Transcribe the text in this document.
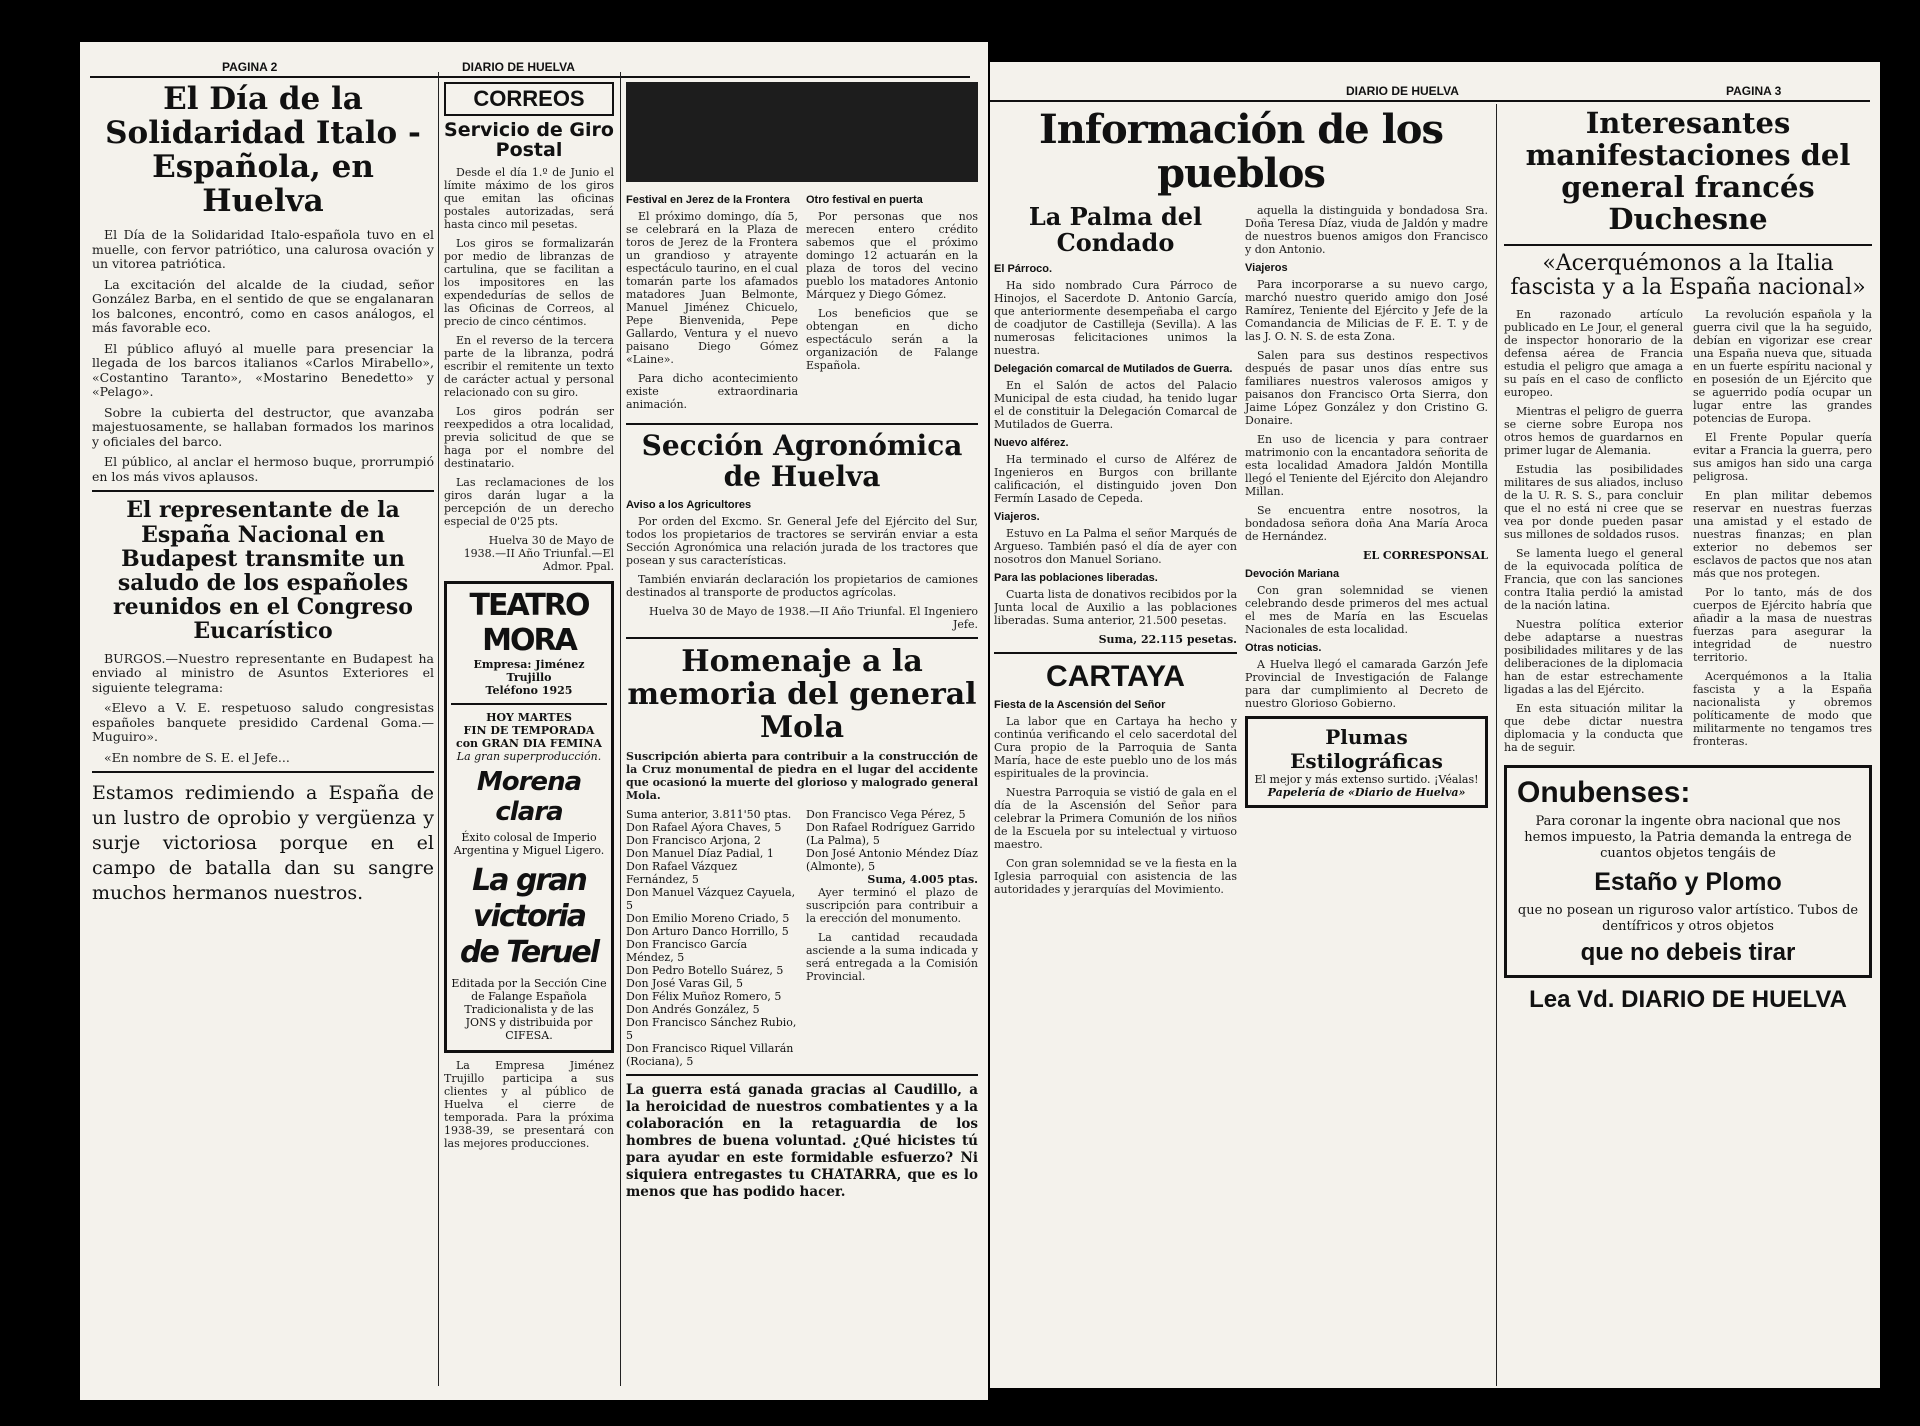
PAGINA 2	DIARIO DE HUELVA
El Día de la Solidaridad Italo - Española, en Huelva

El Día de la Solidaridad Italo-española tuvo en el muelle, con fervor patriótico, una calurosa ovación y un vitorea patriótica.

La excitación del alcalde de la ciudad, señor González Barba, en el sentido de que se engalanaran los balcones, encontró, como en casos análogos, el más favorable eco.

El público afluyó al muelle para presenciar la llegada de los barcos italianos «Carlos Mirabello», «Costantino Taranto», «Mostarino Benedetto» y «Pelago».

Sobre la cubierta del destructor, que avanzaba majestuosamente, se hallaban formados los marinos y oficiales del barco.

El público, al anclar el hermoso buque, prorrumpió en los más vivos aplausos.

El representante de la España Nacional en Budapest transmite un saludo de los españoles reunidos en el Congreso Eucarístico

BURGOS.—Nuestro representante en Budapest ha enviado al ministro de Asuntos Exteriores el siguiente telegrama:

«Elevo a V. E. respetuoso saludo congresistas españoles banquete presidido Cardenal Goma.—Muguiro».

«En nombre de S. E. el Jefe...

Estamos redimiendo a España de un lustro de oprobio y vergüenza y surje victoriosa porque en el campo de batalla dan su sangre muchos hermanos nuestros.

CORREOS
Servicio de Giro Postal

Desde el día 1.º de Junio el límite máximo de los giros que emitan las oficinas postales autorizadas, será hasta cinco mil pesetas.

Los giros se formalizarán por medio de libranzas de cartulina, que se facilitan a los impositores en las expendedurías de sellos de las Oficinas de Correos, al precio de cinco céntimos.

En el reverso de la tercera parte de la libranza, podrá escribir el remitente un texto de carácter actual y personal relacionado con su giro.

Los giros podrán ser reexpedidos a otra localidad, previa solicitud de que se haga por el nombre del destinatario.

Las reclamaciones de los giros darán lugar a la percepción de un derecho especial de 0'25 pts.

Huelva 30 de Mayo de 1938.—II Año Triunfal.—El Admor. Ppal.

TEATRO MORA
Empresa: Jiménez Trujillo
Teléfono 1925
HOY MARTES
FIN DE TEMPORADA con GRAN DIA FEMINA
La gran superproducción.
Morena clara
Éxito colosal de Imperio Argentina y Miguel Ligero.
La gran victoria de Teruel
Editada por la Sección Cine de Falange Española Tradicionalista y de las JONS y distribuida por CIFESA.

La Empresa Jiménez Trujillo participa a sus clientes y al público de Huelva el cierre de temporada. Para la próxima 1938-39, se presentará con las mejores producciones.

Festival en Jerez de la Frontera

El próximo domingo, día 5, se celebrará en la Plaza de toros de Jerez de la Frontera un grandioso y atrayente espectáculo taurino, en el cual tomarán parte los afamados matadores Juan Belmonte, Manuel Jiménez Chicuelo, Pepe Bienvenida, Pepe Gallardo, Ventura y el nuevo paisano Diego Gómez «Laine».

Para dicho acontecimiento existe extraordinaria animación.

Otro festival en puerta

Por personas que nos merecen entero crédito sabemos que el próximo domingo 12 actuarán en la plaza de toros del vecino pueblo los matadores Antonio Márquez y Diego Gómez.

Los beneficios que se obtengan en dicho espectáculo serán a la organización de Falange Española.

Sección Agronómica de Huelva
Aviso a los Agricultores

Por orden del Excmo. Sr. General Jefe del Ejército del Sur, todos los propietarios de tractores se servirán enviar a esta Sección Agronómica una relación jurada de los tractores que posean y sus características.

También enviarán declaración los propietarios de camiones destinados al transporte de productos agrícolas.

Huelva 30 de Mayo de 1938.—II Año Triunfal. El Ingeniero Jefe.

Homenaje a la memoria del general Mola

Suscripción abierta para contribuir a la construcción de la Cruz monumental de piedra en el lugar del accidente que ocasionó la muerte del glorioso y malogrado general Mola.

Suma anterior, 3.811'50 ptas.
Don Rafael Aýora Chaves, 5
Don Francisco Arjona, 2
Don Manuel Díaz Padial, 1
Don Rafael Vázquez Fernández, 5
Don Manuel Vázquez Cayuela, 5
Don Emilio Moreno Criado, 5
Don Arturo Danco Horrillo, 5
Don Francisco García Méndez, 5
Don Pedro Botello Suárez, 5
Don José Varas Gil, 5
Don Félix Muñoz Romero, 5
Don Andrés González, 5
Don Francisco Sánchez Rubio, 5
Don Francisco Riquel Villarán (Rociana), 5
Don Francisco Vega Pérez, 5
Don Rafael Rodríguez Garrido (La Palma), 5
Don José Antonio Méndez Díaz (Almonte), 5
Suma, 4.005 ptas.

Ayer terminó el plazo de suscripción para contribuir a la erección del monumento.

La cantidad recaudada asciende a la suma indicada y será entregada a la Comisión Provincial.

La guerra está ganada gracias al Caudillo, a la heroicidad de nuestros combatientes y a la colaboración en la retaguardia de los hombres de buena voluntad. ¿Qué hicistes tú para ayudar en este formidable esfuerzo? Ni siquiera entregastes tu CHATARRA, que es lo menos que has podido hacer.

DIARIO DE HUELVA	PAGINA 3
Información de los pueblos
La Palma del Condado
El Párroco.

Ha sido nombrado Cura Párroco de Hinojos, el Sacerdote D. Antonio García, que anteriormente desempeñaba el cargo de coadjutor de Castilleja (Sevilla). A las numerosas felicitaciones unimos la nuestra.

Delegación comarcal de Mutilados de Guerra.

En el Salón de actos del Palacio Municipal de esta ciudad, ha tenido lugar el de constituir la Delegación Comarcal de Mutilados de Guerra.

Nuevo alférez.

Ha terminado el curso de Alférez de Ingenieros en Burgos con brillante calificación, el distinguido joven Don Fermín Lasado de Cepeda.

Viajeros.

Estuvo en La Palma el señor Marqués de Argueso. También pasó el día de ayer con nosotros don Manuel Soriano.

Para las poblaciones liberadas.

Cuarta lista de donativos recibidos por la Junta local de Auxilio a las poblaciones liberadas. Suma anterior, 21.500 pesetas.

Suma, 22.115 pesetas.
CARTAYA
Fiesta de la Ascensión del Señor

La labor que en Cartaya ha hecho y continúa verificando el celo sacerdotal del Cura propio de la Parroquia de Santa María, hace de este pueblo uno de los más espirituales de la provincia.

Nuestra Parroquia se vistió de gala en el día de la Ascensión del Señor para celebrar la Primera Comunión de los niños de la Escuela por su intelectual y virtuoso maestro.

Con gran solemnidad se ve la fiesta en la Iglesia parroquial con asistencia de las autoridades y jerarquías del Movimiento.

aquella la distinguida y bondadosa Sra. Doña Teresa Díaz, viuda de Jaldón y madre de nuestros buenos amigos don Francisco y don Antonio.

Viajeros

Para incorporarse a su nuevo cargo, marchó nuestro querido amigo don José Ramírez, Teniente del Ejército y Jefe de la Comandancia de Milicias de F. E. T. y de las J. O. N. S. de esta Zona.

Salen para sus destinos respectivos después de pasar unos días entre sus familiares nuestros valerosos amigos y paisanos don Francisco Orta Sierra, don Jaime López González y don Cristino G. Donaire.

En uso de licencia y para contraer matrimonio con la encantadora señorita de esta localidad Amadora Jaldón Montilla llegó el Teniente del Ejército don Alejandro Millan.

Se encuentra entre nosotros, la bondadosa señora doña Ana María Aroca de Hernández.

EL CORRESPONSAL
Devoción Mariana

Con gran solemnidad se vienen celebrando desde primeros del mes actual el mes de María en las Escuelas Nacionales de esta localidad.

Otras noticias.

A Huelva llegó el camarada Garzón Jefe Provincial de Investigación de Falange para dar cumplimiento al Decreto de nuestro Glorioso Gobierno.

Plumas Estilográficas
El mejor y más extenso surtido. ¡Véalas!
Papelería de «Diario de Huelva»
Interesantes manifestaciones del general francés Duchesne
«Acerquémonos a la Italia fascista y a la España nacional»

En razonado artículo publicado en Le Jour, el general de inspector honorario de la defensa aérea de Francia estudia el peligro que amaga a su país en el caso de conflicto europeo.

Mientras el peligro de guerra se cierne sobre Europa nos otros hemos de guardarnos en primer lugar de Alemania.

Estudia las posibilidades militares de sus aliados, incluso de la U. R. S. S., para concluir que el no está ni cree que se vea por donde pueden pasar sus millones de soldados rusos.

Se lamenta luego el general de la equivocada política de Francia, que con las sanciones contra Italia perdió la amistad de la nación latina.

Nuestra política exterior debe adaptarse a nuestras posibilidades militares y de las deliberaciones de la diplomacia han de estar estrechamente ligadas a las del Ejército.

En esta situación militar la que debe dictar nuestra diplomacia y la conducta que ha de seguir.

La revolución española y la guerra civil que la ha seguido, debían en vigorizar ese crear una España nueva que, situada en un fuerte espíritu nacional y en posesión de un Ejército que se aguerrido podía ocupar un lugar entre las grandes potencias de Europa.

El Frente Popular quería evitar a Francia la guerra, pero sus amigos han sido una carga peligrosa.

En plan militar debemos reservar en nuestras fuerzas una amistad y el estado de nuestras finanzas; en plan exterior no debemos ser esclavos de pactos que nos atan más que nos protegen.

Por lo tanto, más de dos cuerpos de Ejército habría que añadir a la masa de nuestras fuerzas para asegurar la integridad de nuestro territorio.

Acerquémonos a la Italia fascista y a la España nacionalista y obremos políticamente de modo que militarmente no tengamos tres fronteras.

Onubenses:

Para coronar la ingente obra nacional que nos hemos impuesto, la Patria demanda la entrega de cuantos objetos tengáis de

Estaño y Plomo

que no posean un riguroso valor artístico. Tubos de dentífricos y otros objetos

que no debeis tirar
Lea Vd. DIARIO DE HUELVA
